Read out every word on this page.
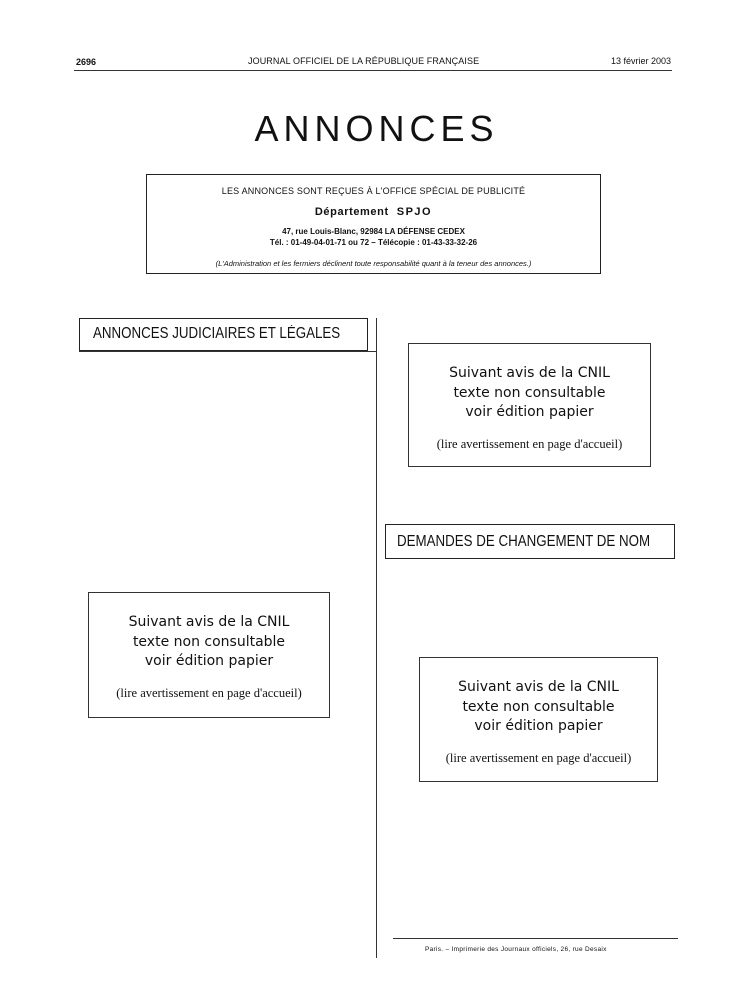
2696	JOURNAL OFFICIEL DE LA RÉPUBLIQUE FRANÇAISE	13 février 2003
ANNONCES
LES ANNONCES SONT REÇUES À L'OFFICE SPÉCIAL DE PUBLICITÉ
Département SPJO
47, rue Louis-Blanc, 92984 LA DÉFENSE CEDEX
Tél. : 01-49-04-01-71 ou 72 – Télécopie : 01-43-33-32-26
(L'Administration et les fermiers déclinent toute responsabilité quant à la teneur des annonces.)
ANNONCES JUDICIAIRES ET LÉGALES
DEMANDES DE CHANGEMENT DE NOM
Suivant avis de la CNIL
texte non consultable
voir édition papier
(lire avertissement en page d'accueil)
Suivant avis de la CNIL
texte non consultable
voir édition papier
(lire avertissement en page d'accueil)	Suivant avis de la CNIL
texte non consultable
voir édition papier
(lire avertissement en page d'accueil)
Paris. – Imprimerie des Journaux officiels, 26, rue Desaix
